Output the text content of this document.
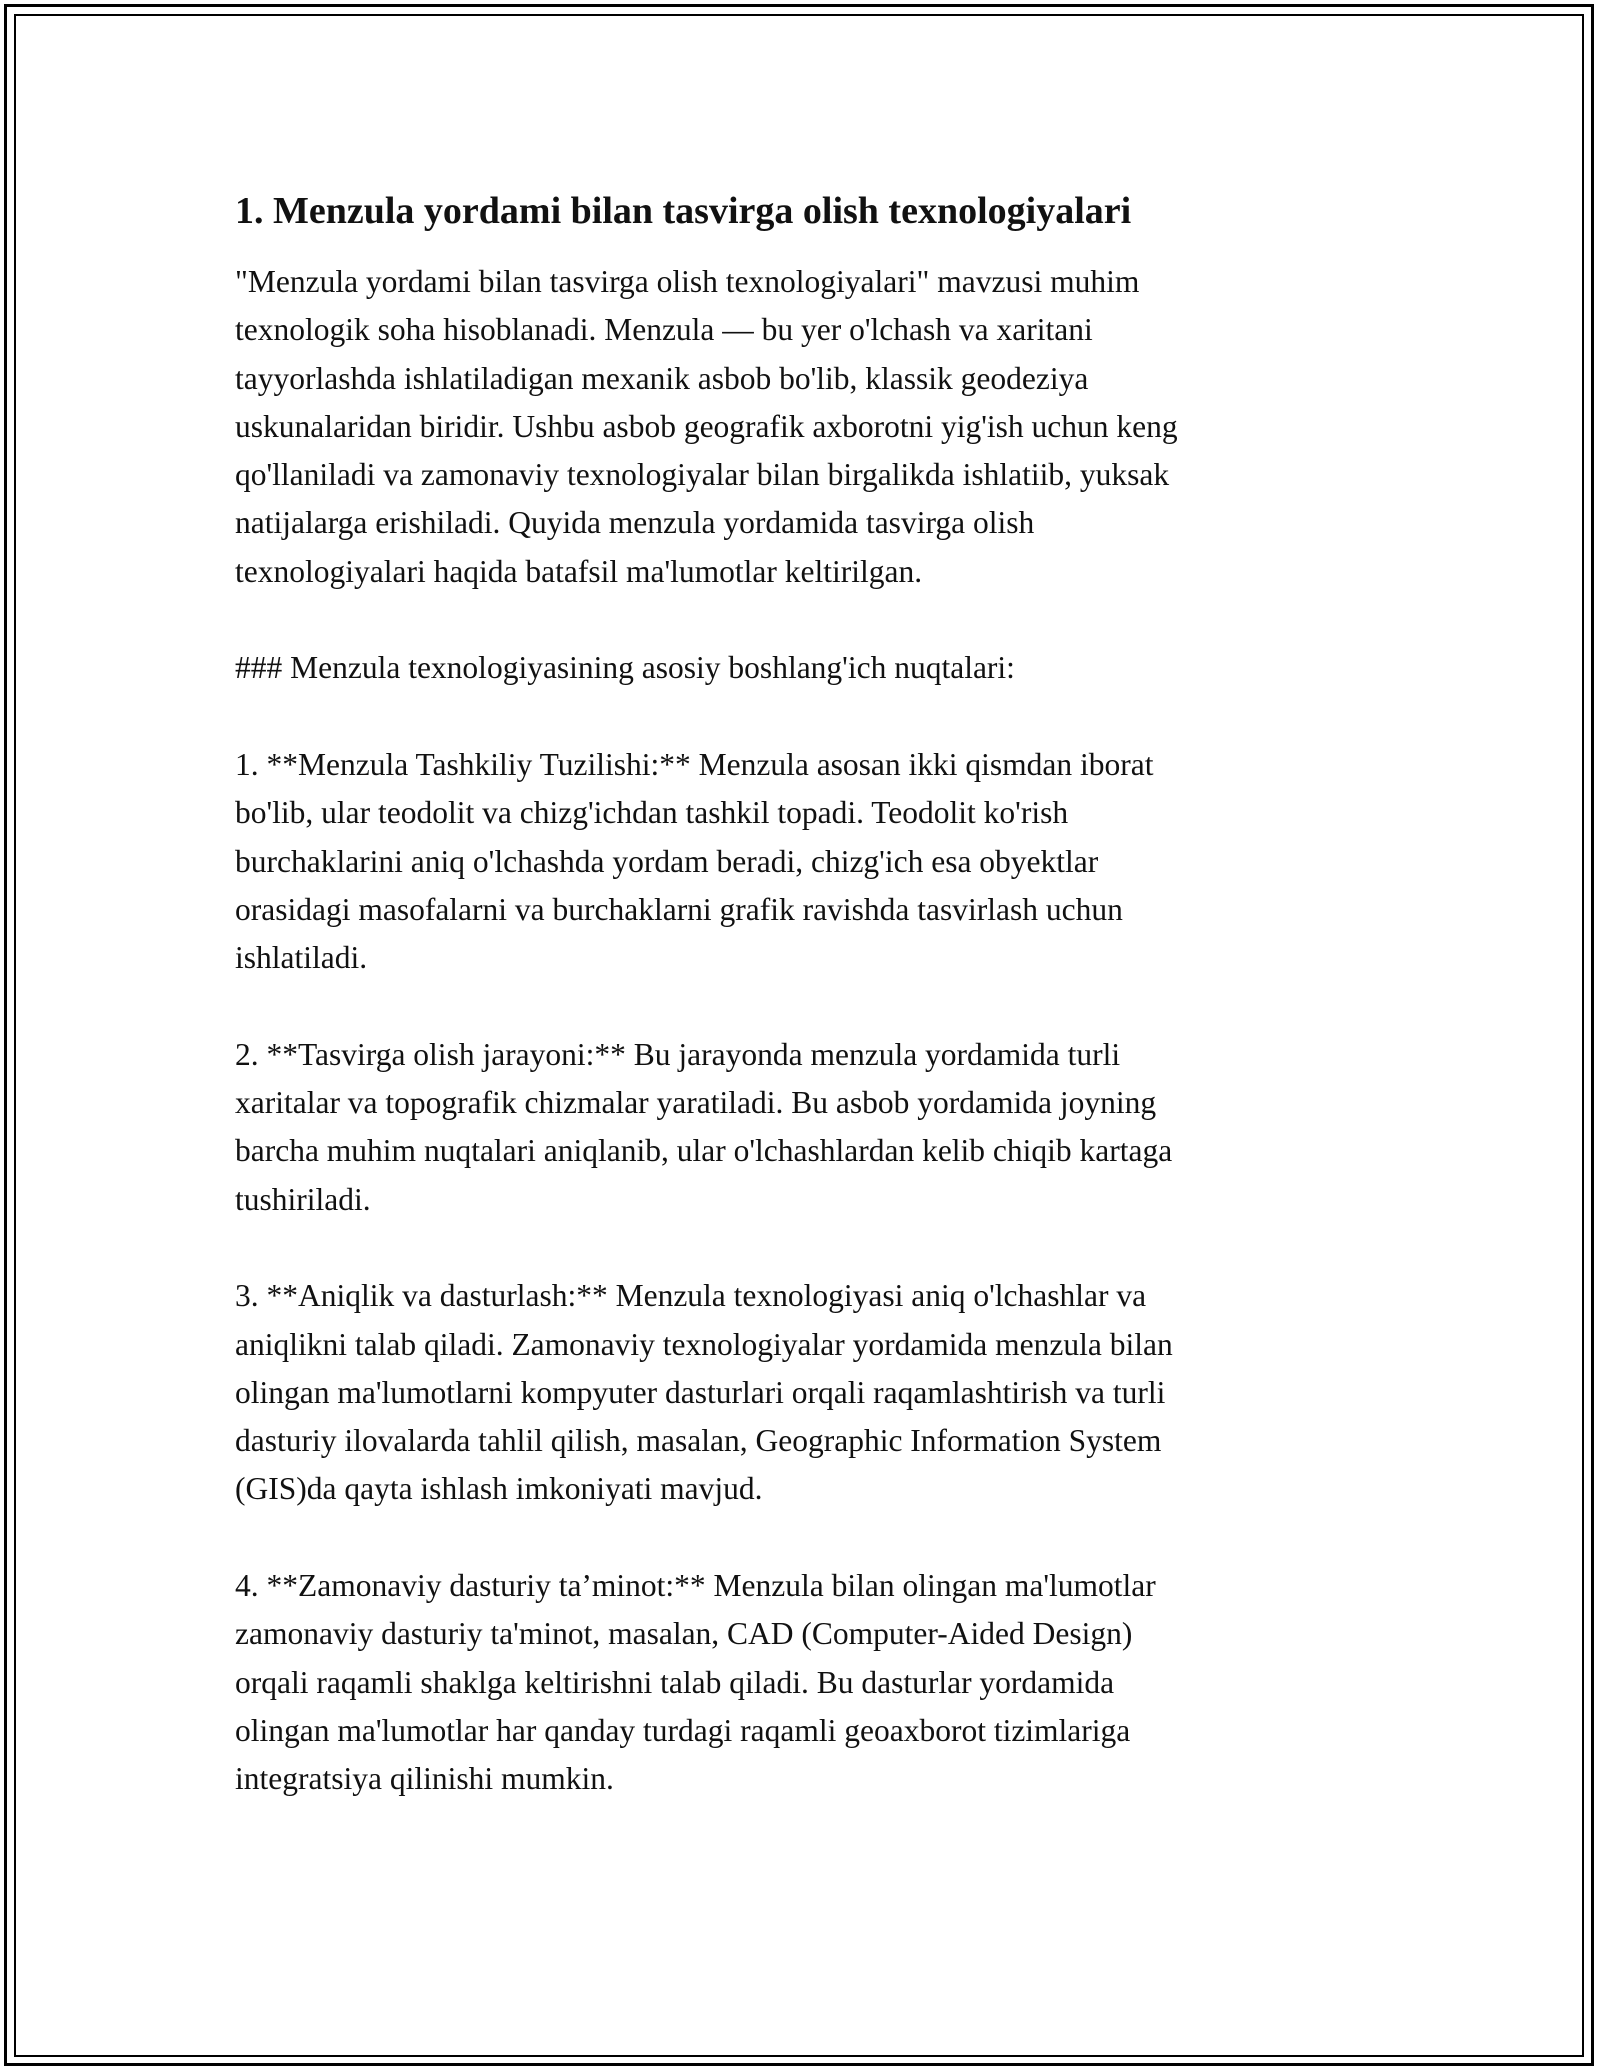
1. Menzula yordami bilan tasvirga olish texnologiyalari
"Menzula yordami bilan tasvirga olish texnologiyalari" mavzusi muhim
texnologik soha hisoblanadi. Menzula — bu yer o'lchash va xaritani
tayyorlashda ishlatiladigan mexanik asbob bo'lib, klassik geodeziya
uskunalaridan biridir. Ushbu asbob geografik axborotni yig'ish uchun keng
qo'llaniladi va zamonaviy texnologiyalar bilan birgalikda ishlatiib, yuksak
natijalarga erishiladi. Quyida menzula yordamida tasvirga olish
texnologiyalari haqida batafsil ma'lumotlar keltirilgan.
### Menzula texnologiyasining asosiy boshlang'ich nuqtalari:
1. **Menzula Tashkiliy Tuzilishi:** Menzula asosan ikki qismdan iborat
bo'lib, ular teodolit va chizg'ichdan tashkil topadi. Teodolit ko'rish
burchaklarini aniq o'lchashda yordam beradi, chizg'ich esa obyektlar
orasidagi masofalarni va burchaklarni grafik ravishda tasvirlash uchun
ishlatiladi.
2. **Tasvirga olish jarayoni:** Bu jarayonda menzula yordamida turli
xaritalar va topografik chizmalar yaratiladi. Bu asbob yordamida joyning
barcha muhim nuqtalari aniqlanib, ular o'lchashlardan kelib chiqib kartaga
tushiriladi.
3. **Aniqlik va dasturlash:** Menzula texnologiyasi aniq o'lchashlar va
aniqlikni talab qiladi. Zamonaviy texnologiyalar yordamida menzula bilan
olingan ma'lumotlarni kompyuter dasturlari orqali raqamlashtirish va turli
dasturiy ilovalarda tahlil qilish, masalan, Geographic Information System
(GIS)da qayta ishlash imkoniyati mavjud.
4. **Zamonaviy dasturiy ta’minot:** Menzula bilan olingan ma'lumotlar
zamonaviy dasturiy ta'minot, masalan, CAD (Computer-Aided Design)
orqali raqamli shaklga keltirishni talab qiladi. Bu dasturlar yordamida
olingan ma'lumotlar har qanday turdagi raqamli geoaxborot tizimlariga
integratsiya qilinishi mumkin.
